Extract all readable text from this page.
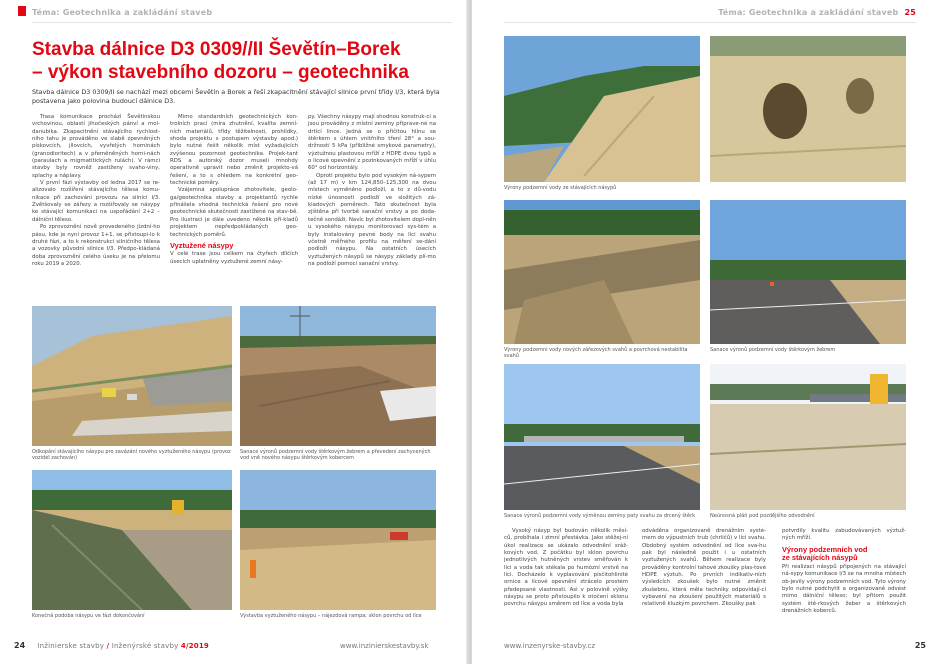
Téma: Geotechnika a zakládání staveb
Stavba dálnice D3 0309//II Ševětín–Borek
– výkon stavebního dozoru – geotechnika

Stavba dálnice D3 0309/II se nachází mezi obcemi Ševětín a Borek a řeší zkapacitnění stávající silnice první třídy I/3, která byla postavena jako polovina budoucí dálnice D3.

Trasa komunikace prochází Ševětínskou vrchovinou, oblastí jihočeských pánví a mol-danubika. Zkapacitnění stávajícího rychlost-ního tahu je prováděno ve slabě zpevněných pískovcích, jílovcích, vyvřelých horninách (granodioritech) a v přeměněných horni-nách (paraulach a migmatitických rulách). V rámci stavby byly rovněž zastiženy svaho-viny, splachy a náplavy.

V první fázi výstavby od ledna 2017 se re-alizovalo rozšíření stávajícího tělesa komu-nikace při zachování provozu na silnici I/3. Zvětšovaly se zářezy a rozšiřovaly se násypy ke stávající komunikaci na uspořádání 2+2 – dálniční těleso.

Po zprovoznění nově provedeného jízdní-ho pásu, kde je nyní provoz 1+1, se přistoupi-lo k druhé fázi, a to k rekonstrukci silničního tělesa a vozovky původní silnice I/3. Předpo-kládaná doba zprovoznění celého úseku je na přelomu roku 2019 a 2020.

Mimo standardních geotechnických kon-trolních prací (míra zhutnění, kvalita zemní-ních materiálů, třídy těžitelnosti, prohlídky, shoda projektu s postupem výstavby apod.) bylo nutné řešit několik míst vyžadujících zvýšenou pozornost geotechnika. Projek-tant RDS a autorský dozor museli mnohdy operativně upravit nebo změnit projekto-vá řešení, a to s ohledem na konkrétní geo-technické poměry.

Vzájemná spolupráce zhotovitele, geolo-ga/geotechnika stavby a projektantů rychle přinášela vhodná technická řešení pro nové geotechnické skutečnosti zastižené na stav-bě. Pro ilustraci je dále uvedeno několik pří-kladů projektem nepředpokládaných geo-technických poměrů.

Vyztužené násypy

V celé trase jsou celkem na čtyřech dílčích úsecích uplatněny vyztužené zemní násy-

py. Všechny násypy mají shodnou konstruk-ci a jsou prováděny z místní zeminy připrave-né na drtící lince. Jedná se o přičitou hlínu se štěrkem s úhlem vnitřního tření 28° a sou-držností 5 kPa (přibližné smykové parametry), výztužnou plastovou mříží z HDPE dvou typů a o lícové opevnění z pozinkovaných mříží v úhlu 60° od horizontály.

Oproti projektu bylo pod vysokým ná-sypem (až 17 m) v km 124,850–125,300 na dvou místech vyměněno podloží, a to z dů-vodu nízké únosnosti podloží ve složitých zá-kladových poměrech. Tato skutečnost byla zjištěna při tvorbě sanační vrstvy a po doda-tečně sondáži. Navíc byl zhotovitelem dopl-něn u vysokého násypu monitorovací sys-tém a byly instalovány pevné body na líci svahu včetně měřného profilu na měření se-dání podloží násypu. Na ostatních úsecích vyztužených násypů se násypy základy plí-mo na podloží pomocí sanační vrstvy.

Odkopání stávajícího násypu pro zavázání nového vyztuženého násypu (provoz vozidel zachován)
Sanace výronů podzemní vody štěrkovým žebrem a převedení zachycených vod vně nového násypu štěrkovým kobercem
Konečná podoba násypu ve fázi dokončování	Výstavba vyztuženého násypu – nájezdová rampa; sklon povrchu od líce
24 Inžinierske stavby / Inženýrské stavby 4/2019	www.inzinierskestavby.sk
Téma: Geotechnika a zakládání staveb 25
Výrony podzemní vody ze stávajících násypů
Výrony podzemní vody nových zářezových svahů a povrchová nestabilita svahů
Sanace výronů podzemní vody štěrkovým žebrem
Sanace výronů podzemní vody výměnou zeminy paty svahu za drcený štěrk	Neúnosná pláň pod pozdějšího odvodnění

Vysoký násyp byl budován několik měsí-ců, probíhala i zimní přestávka. Jako stěžej-ní úkol realizace se ukázalo odvodnění sráž-kových vod. Z počátku byl sklon povrchu jednotlivých hutněných vrstev směřován k líci a voda tak stékala po humózní vrstvě na líci. Docházelo k vyplavování písčitohlinité ornice a lícové opevnění ztrácelo prostém předepsané vlastnosti. Asi v polovině výšky násypu se proto přistoupilo k otočení sklonu povrchu násypu směrem od líce a voda byla

odváděna organizovaně drenážním systé-mem do výpustních trub (chrličů) v líci svahu. Obdobný systém odvodnění od líce sva-hu pak byl následně použit i u ostatních vyztužených svahů. Během realizace byly prováděny kontrolní tahové zkoušky plas-tové HDPE výztuh. Po prvních indikativ-ních výsledcích zkoušek bylo nutné změnit zkušebnu, která měla techniky odpovídají-cí vybavení na zkoušení použitých materiálů s relativně kluzkým povrchem. Zkoušky pak

potvrdily kvalitu zabudovávaných výztuž-ných mříží.

Výrony podzemních vod
ze stávajících násypů

Při realizaci násypů připojených na stávající ná-sypy komunikace I/3 se na mnoha místech ob-jevily výrony podzemních vod. Tyto výrony bylo nutné podchytit a organizovaně odvést mimo dálniční těleso; byl přitom použit systém ště-rkových žeber a štěrkových drenážních koberců.

www.inzenyrske-stavby.cz	25
